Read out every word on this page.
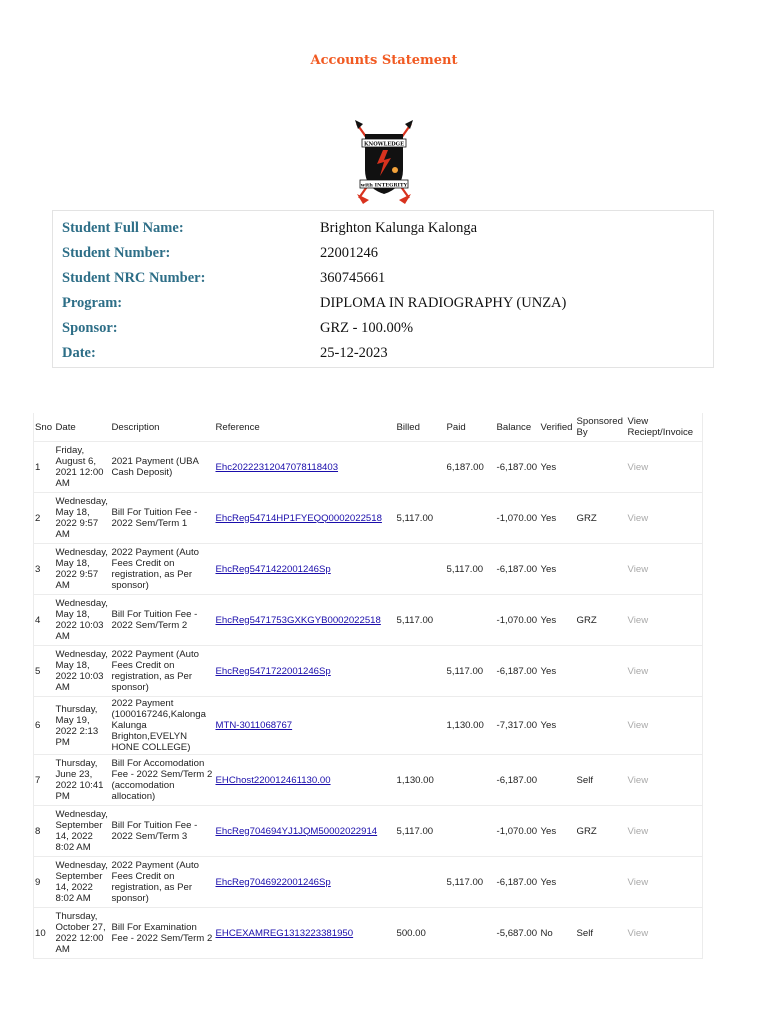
Accounts Statement
KNOWLEDGE
with INTEGRITY
Student Full Name:	Brighton Kalunga Kalonga
Student Number:	22001246
Student NRC Number:	360745661
Program:	DIPLOMA IN RADIOGRAPHY (UNZA)
Sponsor:	GRZ - 100.00%
Date:	25-12-2023
Sno	Date	Description	Reference	Billed	Paid	Balance	Verified	Sponsored By	View Reciept/Invoice
1	Friday, August 6, 2021 12:00 AM	2021 Payment (UBA Cash Deposit)	Ehc20222312047078118403		6,187.00	-6,187.00	Yes		View
2	Wednesday, May 18, 2022 9:57 AM	Bill For Tuition Fee - 2022 Sem/Term 1	EhcReg54714HP1FYEQQ0002022518	5,117.00		-1,070.00	Yes	GRZ	View
3	Wednesday, May 18, 2022 9:57 AM	2022 Payment (Auto Fees Credit on registration, as Per sponsor)	EhcReg5471422001246Sp		5,117.00	-6,187.00	Yes		View
4	Wednesday, May 18, 2022 10:03 AM	Bill For Tuition Fee - 2022 Sem/Term 2	EhcReg5471753GXKGYB0002022518	5,117.00		-1,070.00	Yes	GRZ	View
5	Wednesday, May 18, 2022 10:03 AM	2022 Payment (Auto Fees Credit on registration, as Per sponsor)	EhcReg5471722001246Sp		5,117.00	-6,187.00	Yes		View
6	Thursday, May 19, 2022 2:13 PM	2022 Payment (1000167246,Kalonga Kalunga Brighton,EVELYN HONE COLLEGE)	MTN-3011068767		1,130.00	-7,317.00	Yes		View
7	Thursday, June 23, 2022 10:41 PM	Bill For Accomodation Fee - 2022 Sem/Term 2 (accomodation allocation)	EHChost220012461130.00	1,130.00		-6,187.00		Self	View
8	Wednesday, September 14, 2022 8:02 AM	Bill For Tuition Fee - 2022 Sem/Term 3	EhcReg704694YJ1JQM50002022914	5,117.00		-1,070.00	Yes	GRZ	View
9	Wednesday, September 14, 2022 8:02 AM	2022 Payment (Auto Fees Credit on registration, as Per sponsor)	EhcReg7046922001246Sp		5,117.00	-6,187.00	Yes		View
10	Thursday, October 27, 2022 12:00 AM	Bill For Examination Fee - 2022 Sem/Term 2	EHCEXAMREG1313223381950	500.00		-5,687.00	No	Self	View
